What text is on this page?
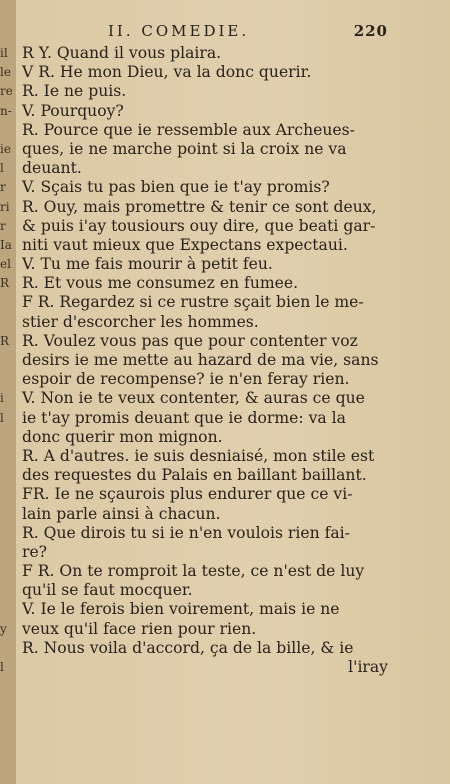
II. COMEDIE.	220
il R Y. Quand il vous plaira.
le V R. He mon Dieu, va la donc querir.
re R. Ie ne puis.
n- V. Pourquoy?
R. Pource que ie ressemble aux Archeues-
ie ques, ie ne marche point si la croix ne va
l	deuant.
r	V. Sçais tu pas bien que ie t'ay promis?
ri R. Ouy, mais promettre & tenir ce sont deux,
r	& puis i'ay tousiours ouy dire, que beati gar-
Ia niti vaut mieux que Expectans expectaui.
el V. Tu me fais mourir à petit feu.
R R. Et vous me consumez en fumee.
F R. Regardez si ce rustre sçait bien le me-
stier d'escorcher les hommes.
R R. Voulez vous pas que pour contenter voz
desirs ie me mette au hazard de ma vie, sans
espoir de recompense? ie n'en feray rien.
i	V. Non ie te veux contenter, & auras ce que
l	ie t'ay promis deuant que ie dorme: va la
donc querir mon mignon.
R. A d'autres. ie suis desniaisé, mon stile est
des requestes du Palais en baillant baillant.
FR. Ie ne sçaurois plus endurer que ce vi-
lain parle ainsi à chacun.
R. Que dirois tu si ie n'en voulois rien fai-
re?
F R. On te romproit la teste, ce n'est de luy
qu'il se faut mocquer.
V. Ie le ferois bien voirement, mais ie ne
y veux qu'il face rien pour rien.
R. Nous voila d'accord, ça de la bille, & ie
l	l'iray
